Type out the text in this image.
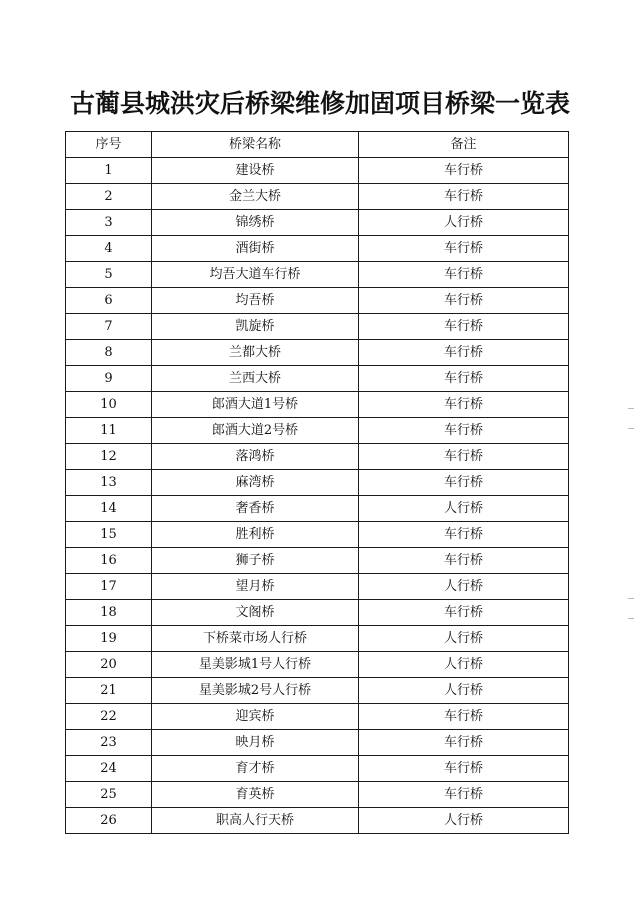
古蔺县城洪灾后桥梁维修加固项目桥梁一览表
序号	桥梁名称	备注
1	建设桥	车行桥
2	金兰大桥	车行桥
3	锦绣桥	人行桥
4	酒街桥	车行桥
5	均吾大道车行桥	车行桥
6	均吾桥	车行桥
7	凯旋桥	车行桥
8	兰都大桥	车行桥
9	兰西大桥	车行桥
10	郎酒大道1号桥	车行桥
11	郎酒大道2号桥	车行桥
12	落鸿桥	车行桥
13	麻湾桥	车行桥
14	奢香桥	人行桥
15	胜利桥	车行桥
16	狮子桥	车行桥
17	望月桥	人行桥
18	文阁桥	车行桥
19	下桥菜市场人行桥	人行桥
20	星美影城1号人行桥	人行桥
21	星美影城2号人行桥	人行桥
22	迎宾桥	车行桥
23	映月桥	车行桥
24	育才桥	车行桥
25	育英桥	车行桥
26	职高人行天桥	人行桥
